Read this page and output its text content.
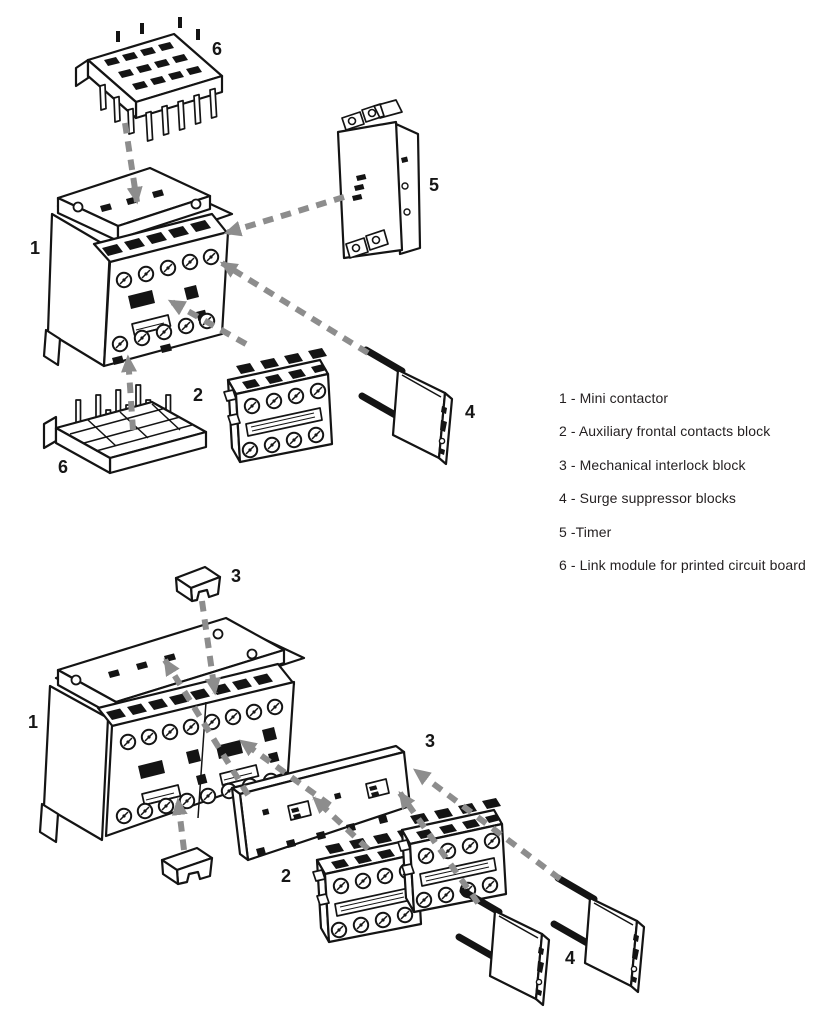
6
5
1
2
4
6
3
1
3
2
4
1 - Mini contactor
2 - Auxiliary frontal contacts block
3 - Mechanical interlock block
4 - Surge suppressor blocks
5 -Timer
6 - Link module for printed circuit board
